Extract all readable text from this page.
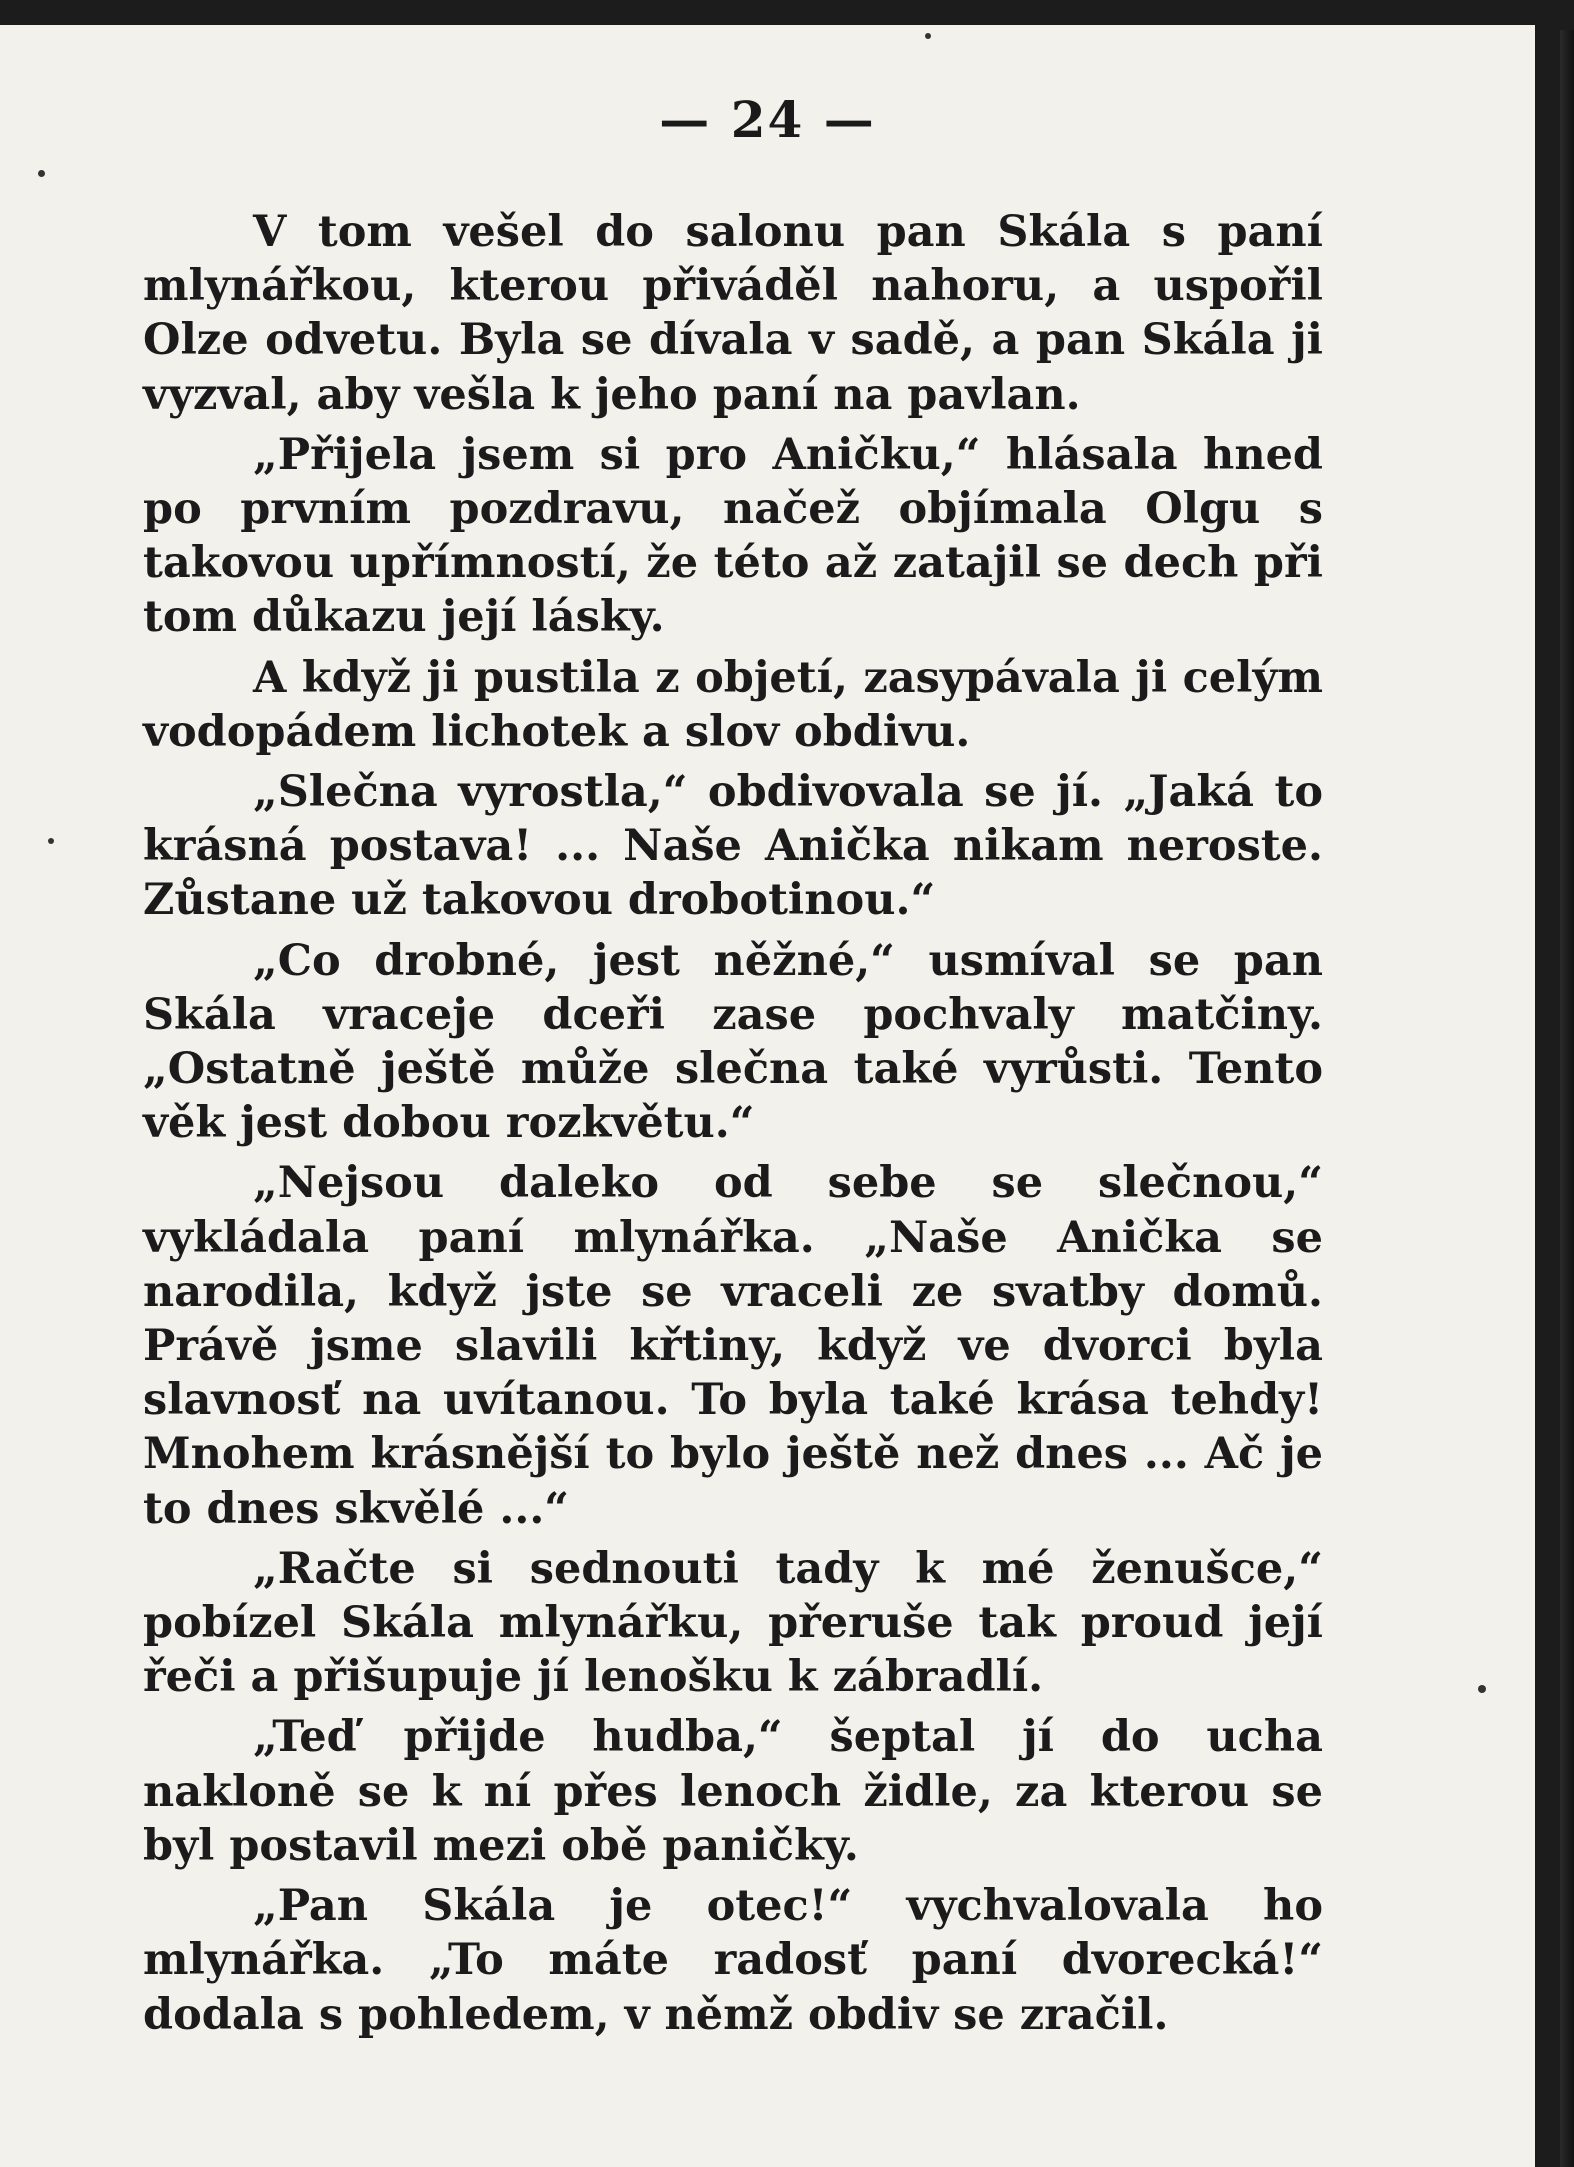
— 24 —

V tom vešel do salonu pan Skála s paní mlynářkou, kterou přiváděl nahoru, a uspořil Olze odvetu. Byla se dívala v sadě, a pan Skála ji vyzval, aby vešla k jeho paní na pavlan.

„Přijela jsem si pro Aničku,“ hlásala hned po prvním pozdravu, načež objímala Olgu s takovou upřímností, že této až zatajil se dech při tom důkazu její lásky.

A když ji pustila z objetí, zasypávala ji celým vodopádem lichotek a slov obdivu.

„Slečna vyrostla,“ obdivovala se jí. „Jaká to krásná postava! ... Naše Anička nikam neroste. Zůstane už takovou drobotinou.“

„Co drobné, jest něžné,“ usmíval se pan Skála vraceje dceři zase pochvaly matčiny. „Ostatně ještě může slečna také vyrůsti. Tento věk jest dobou rozkvětu.“

„Nejsou daleko od sebe se slečnou,“ vykládala paní mlynářka. „Naše Anička se narodila, když jste se vraceli ze svatby domů. Právě jsme slavili křtiny, když ve dvorci byla slavnosť na uvítanou. To byla také krása tehdy! Mnohem krásnější to bylo ještě než dnes ... Ač je to dnes skvělé ...“

„Račte si sednouti tady k mé ženušce,“ pobízel Skála mlynářku, přeruše tak proud její řeči a přišupuje jí lenošku k zábradlí.

„Teď přijde hudba,“ šeptal jí do ucha nakloně se k ní přes lenoch židle, za kterou se byl postavil mezi obě paničky.

„Pan Skála je otec!“ vychvalovala ho mlynářka. „To máte radosť paní dvorecká!“ dodala s pohledem, v němž obdiv se zračil.
